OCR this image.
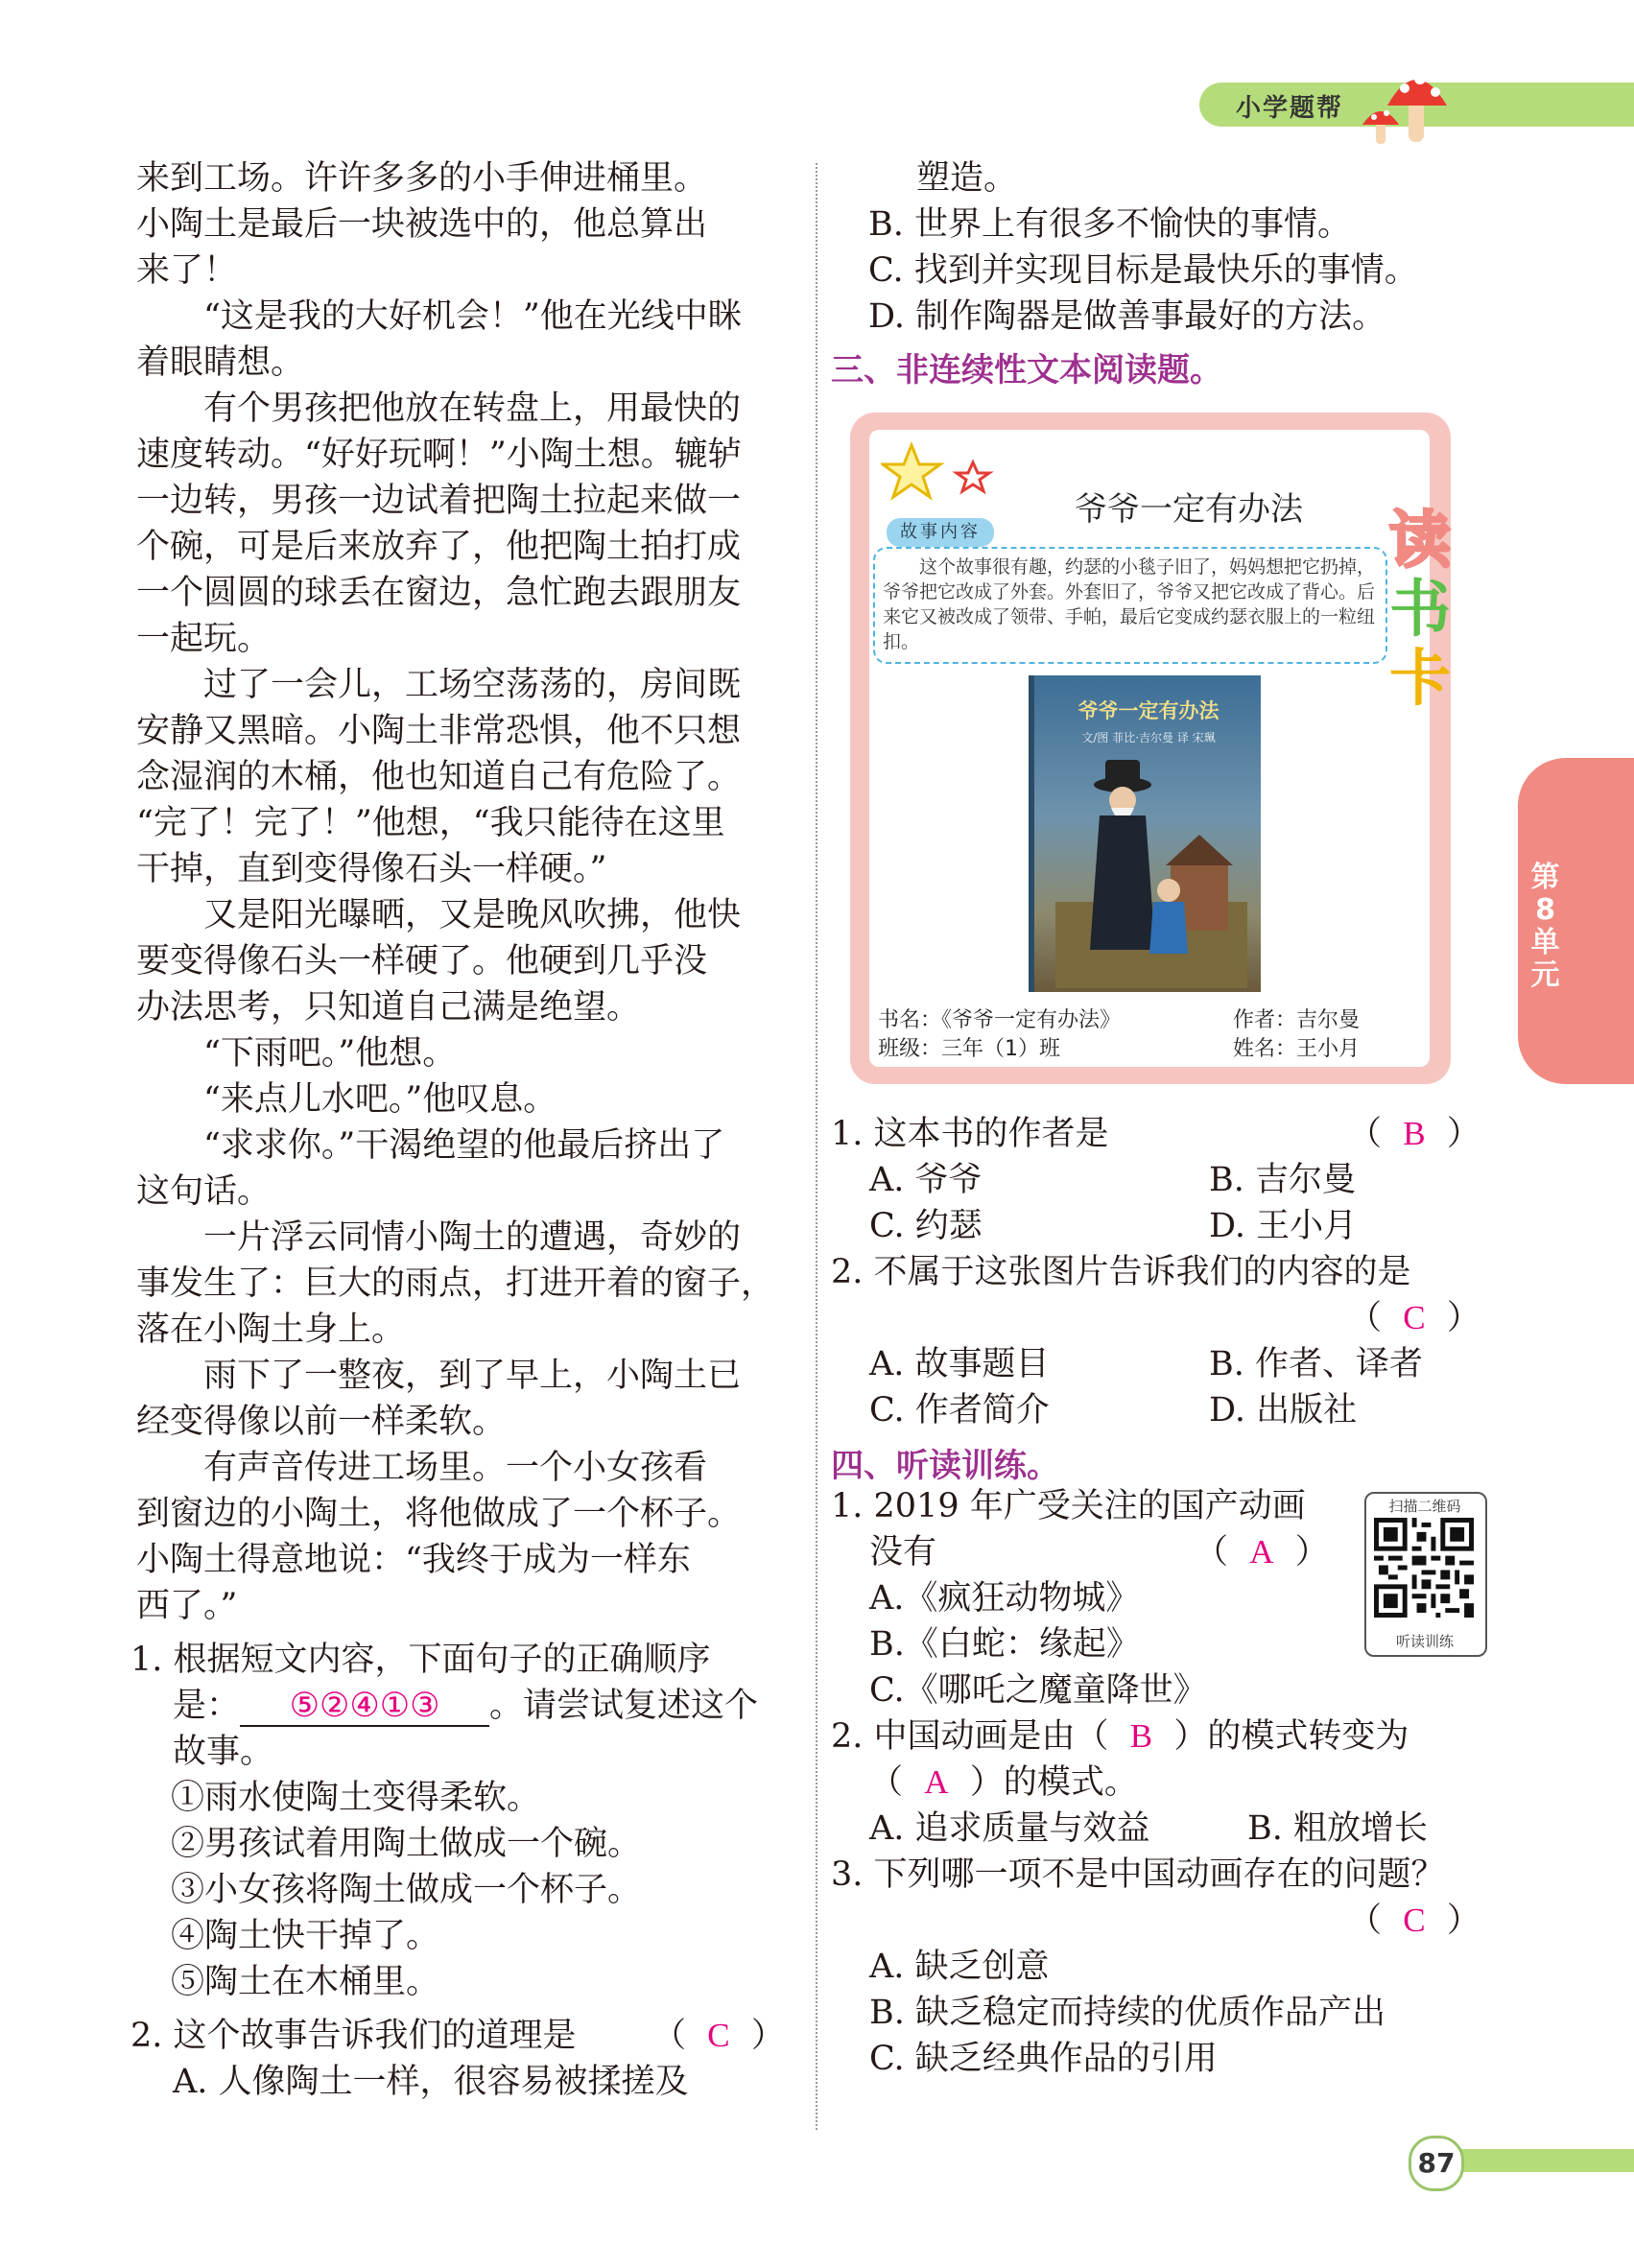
小学题帮
第
8
单
元
来到工场。许许多多的小手伸进桶里。
小陶土是最后一块被选中的，他总算出
来了！
“这是我的大好机会！”他在光线中眯
着眼睛想。
有个男孩把他放在转盘上，用最快的
速度转动。“好好玩啊！”小陶土想。辘轳
一边转，男孩一边试着把陶土拉起来做一
个碗，可是后来放弃了，他把陶土拍打成
一个圆圆的球丢在窗边，急忙跑去跟朋友
一起玩。
过了一会儿，工场空荡荡的，房间既
安静又黑暗。小陶土非常恐惧，他不只想
念湿润的木桶，他也知道自己有危险了。
“完了！完了！”他想，“我只能待在这里
干掉，直到变得像石头一样硬。”
又是阳光曝晒，又是晚风吹拂，他快
要变得像石头一样硬了。他硬到几乎没
办法思考，只知道自己满是绝望。
“下雨吧。”他想。
“来点儿水吧。”他叹息。
“求求你。”干渴绝望的他最后挤出了
这句话。
一片浮云同情小陶土的遭遇，奇妙的
事发生了：巨大的雨点，打进开着的窗子，
落在小陶土身上。
雨下了一整夜，到了早上，小陶土已
经变得像以前一样柔软。
有声音传进工场里。一个小女孩看
到窗边的小陶土，将他做成了一个杯子。
小陶土得意地说：“我终于成为一样东
西了。”
1. 根据短文内容，下面句子的正确顺序
是： ⑤②④①③ 。请尝试复述这个
故事。
①雨水使陶土变得柔软。
②男孩试着用陶土做成一个碗。
③小女孩将陶土做成一个杯子。
④陶土快干掉了。
⑤陶土在木桶里。
2. 这个故事告诉我们的道理是 （  C  ）
A. 人像陶土一样，很容易被揉搓及
塑造。
B. 世界上有很多不愉快的事情。
C. 找到并实现目标是最快乐的事情。
D. 制作陶器是做善事最好的方法。
三、非连续性文本阅读题。
爷爷一定有办法
故事内容
这个故事很有趣，约瑟的小毯子旧了，妈妈想把它扔掉，爷爷把它改成了外套。外套旧了，爷爷又把它改成了背心。后来它又被改成了领带、手帕，最后它变成约瑟衣服上的一粒纽扣。
爷爷一定有办法
文/图 菲比·吉尔曼 译 宋珮
读
书
卡
书名：《爷爷一定有办法》	作者：吉尔曼
班级：三年（1）班	姓名：王小月
1. 这本书的作者是	（  B  ）
A. 爷爷	B. 吉尔曼
C. 约瑟	D. 王小月
2. 不属于这张图片告诉我们的内容的是
（  C  ）
A. 故事题目	B. 作者、译者
C. 作者简介	D. 出版社
四、听读训练。
扫描二维码
听读训练
1. 2019 年广受关注的国产动画
没有	（  A  ）
A.《疯狂动物城》
B.《白蛇：缘起》
C.《哪吒之魔童降世》
2. 中国动画是由（ B ）的模式转变为
（ A ）的模式。
A. 追求质量与效益	B. 粗放增长
3. 下列哪一项不是中国动画存在的问题？
（  C  ）
A. 缺乏创意
B. 缺乏稳定而持续的优质作品产出
C. 缺乏经典作品的引用
87
